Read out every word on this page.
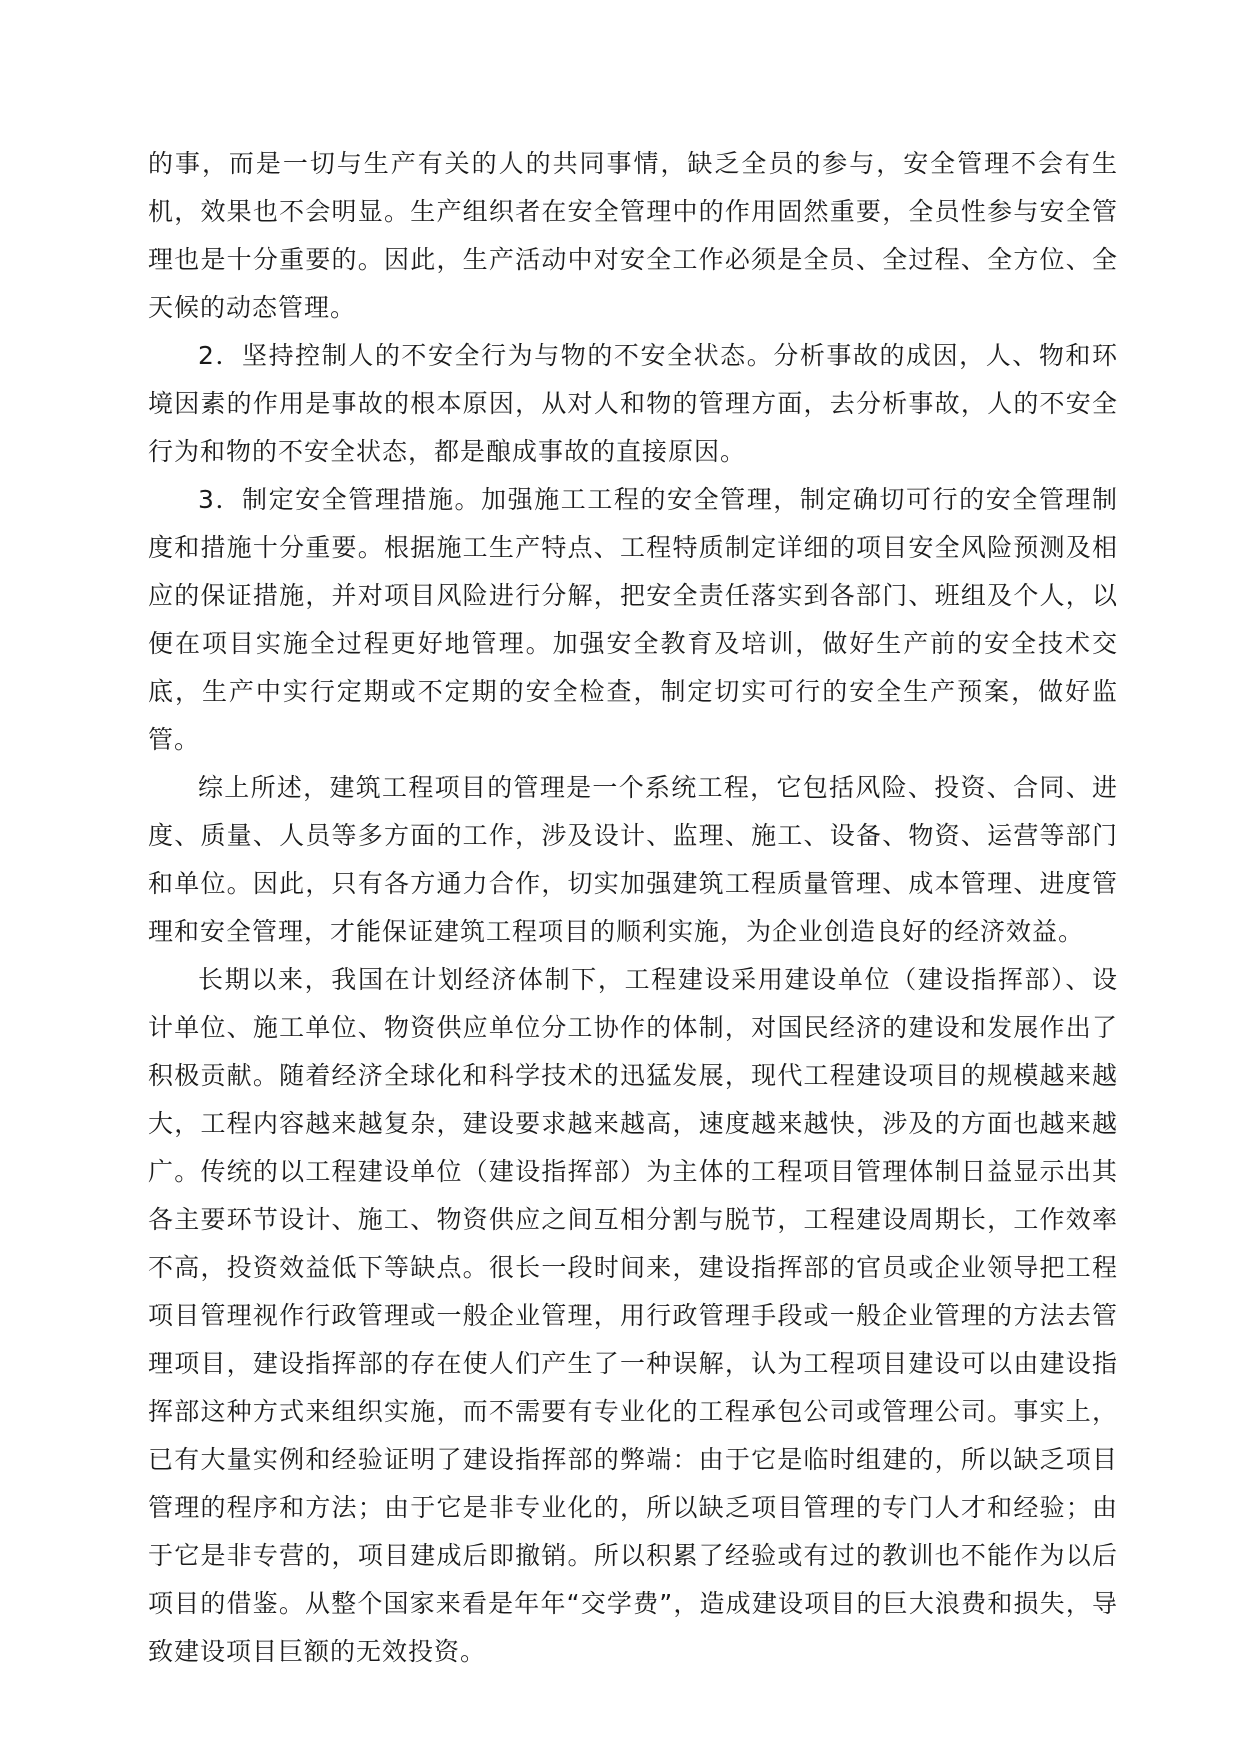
的事，而是一切与生产有关的人的共同事情，缺乏全员的参与，安全管理不会有生机，效果也不会明显。生产组织者在安全管理中的作用固然重要，全员性参与安全管理也是十分重要的。因此，生产活动中对安全工作必须是全员、全过程、全方位、全天候的动态管理。

2．坚持控制人的不安全行为与物的不安全状态。分析事故的成因，人、物和环境因素的作用是事故的根本原因，从对人和物的管理方面，去分析事故，人的不安全行为和物的不安全状态，都是酿成事故的直接原因。

3．制定安全管理措施。加强施工工程的安全管理，制定确切可行的安全管理制度和措施十分重要。根据施工生产特点、工程特质制定详细的项目安全风险预测及相应的保证措施，并对项目风险进行分解，把安全责任落实到各部门、班组及个人，以便在项目实施全过程更好地管理。加强安全教育及培训，做好生产前的安全技术交底，生产中实行定期或不定期的安全检查，制定切实可行的安全生产预案，做好监管。

综上所述，建筑工程项目的管理是一个系统工程，它包括风险、投资、合同、进度、质量、人员等多方面的工作，涉及设计、监理、施工、设备、物资、运营等部门和单位。因此，只有各方通力合作，切实加强建筑工程质量管理、成本管理、进度管理和安全管理，才能保证建筑工程项目的顺利实施，为企业创造良好的经济效益。

长期以来，我国在计划经济体制下，工程建设采用建设单位（建设指挥部）、设计单位、施工单位、物资供应单位分工协作的体制，对国民经济的建设和发展作出了积极贡献。随着经济全球化和科学技术的迅猛发展，现代工程建设项目的规模越来越大，工程内容越来越复杂，建设要求越来越高，速度越来越快，涉及的方面也越来越广。传统的以工程建设单位（建设指挥部）为主体的工程项目管理体制日益显示出其各主要环节设计、施工、物资供应之间互相分割与脱节，工程建设周期长，工作效率不高，投资效益低下等缺点。很长一段时间来，建设指挥部的官员或企业领导把工程项目管理视作行政管理或一般企业管理，用行政管理手段或一般企业管理的方法去管理项目，建设指挥部的存在使人们产生了一种误解，认为工程项目建设可以由建设指挥部这种方式来组织实施，而不需要有专业化的工程承包公司或管理公司。事实上，已有大量实例和经验证明了建设指挥部的弊端：由于它是临时组建的，所以缺乏项目管理的程序和方法；由于它是非专业化的，所以缺乏项目管理的专门人才和经验；由于它是非专营的，项目建成后即撤销。所以积累了经验或有过的教训也不能作为以后项目的借鉴。从整个国家来看是年年“交学费”，造成建设项目的巨大浪费和损失，导致建设项目巨额的无效投资。
